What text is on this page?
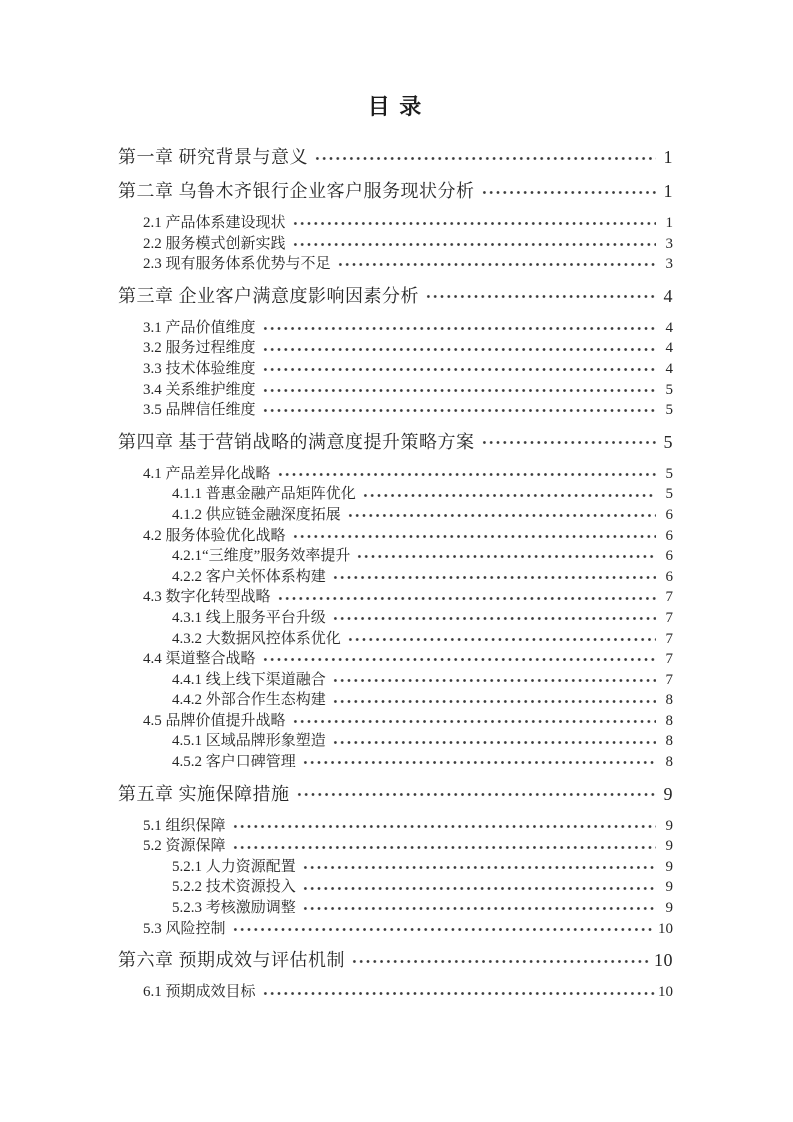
目 录
第一章 研究背景与意义	1
第二章 乌鲁木齐银行企业客户服务现状分析	1
2.1 产品体系建设现状	1
2.2 服务模式创新实践	3
2.3 现有服务体系优势与不足	3
第三章 企业客户满意度影响因素分析	4
3.1 产品价值维度	4
3.2 服务过程维度	4
3.3 技术体验维度	4
3.4 关系维护维度	5
3.5 品牌信任维度	5
第四章 基于营销战略的满意度提升策略方案	5
4.1 产品差异化战略	5
4.1.1 普惠金融产品矩阵优化	5
4.1.2 供应链金融深度拓展	6
4.2 服务体验优化战略	6
4.2.1“三维度”服务效率提升	6
4.2.2 客户关怀体系构建	6
4.3 数字化转型战略	7
4.3.1 线上服务平台升级	7
4.3.2 大数据风控体系优化	7
4.4 渠道整合战略	7
4.4.1 线上线下渠道融合	7
4.4.2 外部合作生态构建	8
4.5 品牌价值提升战略	8
4.5.1 区域品牌形象塑造	8
4.5.2 客户口碑管理	8
第五章 实施保障措施	9
5.1 组织保障	9
5.2 资源保障	9
5.2.1 人力资源配置	9
5.2.2 技术资源投入	9
5.2.3 考核激励调整	9
5.3 风险控制	10
第六章 预期成效与评估机制	10
6.1 预期成效目标	10
